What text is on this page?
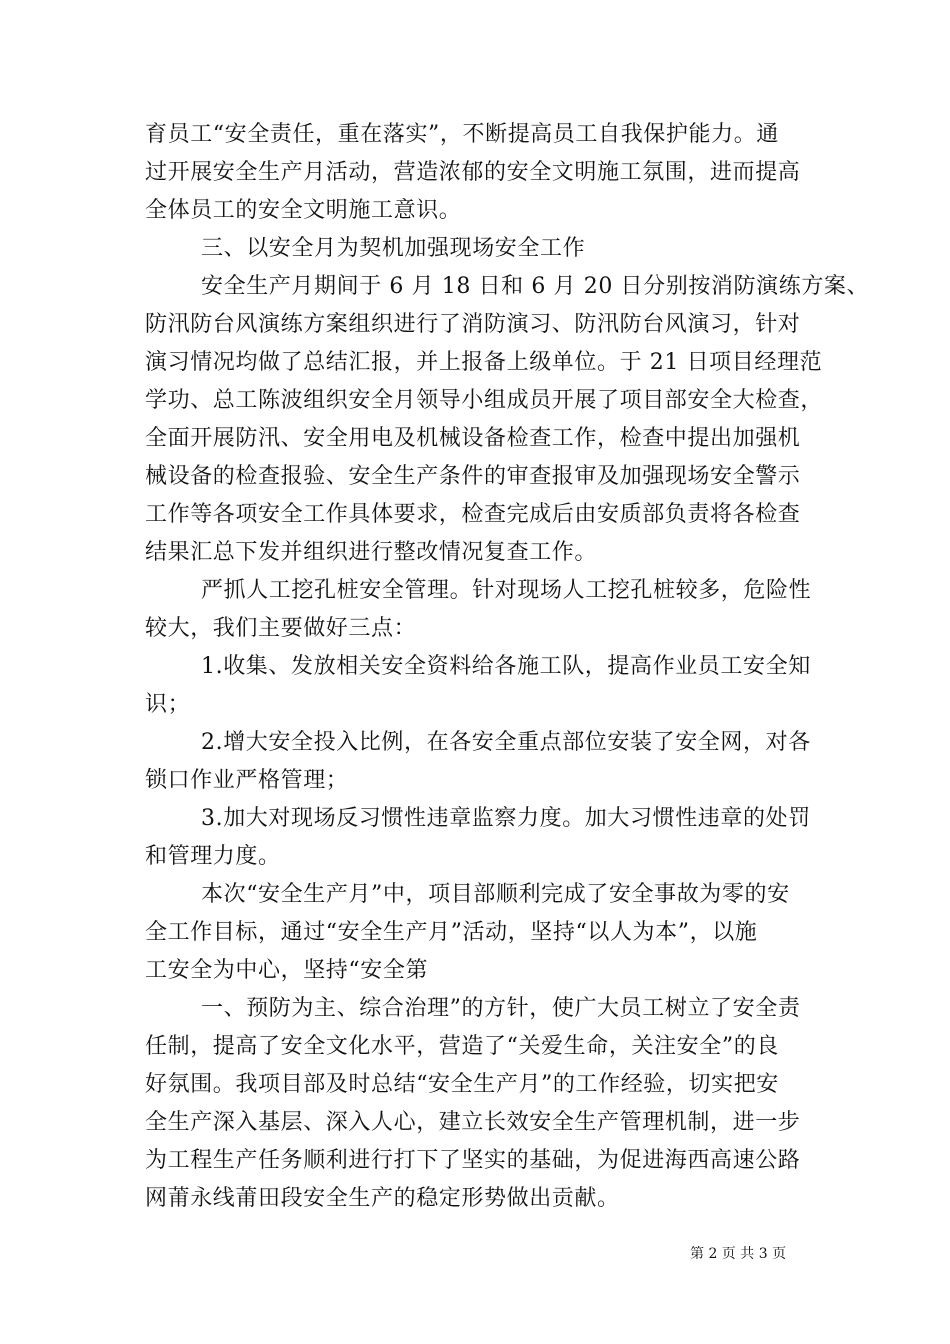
育员工“安全责任，重在落实”，不断提高员工自我保护能力。通
过开展安全生产月活动，营造浓郁的安全文明施工氛围，进而提高
全体员工的安全文明施工意识。
三、以安全月为契机加强现场安全工作
安全生产月期间于 6 月 18 日和 6 月 20 日分别按消防演练方案、
防汛防台风演练方案组织进行了消防演习、防汛防台风演习，针对
演习情况均做了总结汇报，并上报备上级单位。于 21 日项目经理范
学功、总工陈波组织安全月领导小组成员开展了项目部安全大检查，
全面开展防汛、安全用电及机械设备检查工作，检查中提出加强机
械设备的检查报验、安全生产条件的审查报审及加强现场安全警示
工作等各项安全工作具体要求，检查完成后由安质部负责将各检查
结果汇总下发并组织进行整改情况复查工作。
严抓人工挖孔桩安全管理。针对现场人工挖孔桩较多，危险性
较大，我们主要做好三点：
1.收集、发放相关安全资料给各施工队，提高作业员工安全知
识；
2.增大安全投入比例，在各安全重点部位安装了安全网，对各
锁口作业严格管理；
3.加大对现场反习惯性违章监察力度。加大习惯性违章的处罚
和管理力度。
本次“安全生产月”中，项目部顺利完成了安全事故为零的安
全工作目标，通过“安全生产月”活动，坚持“以人为本”，以施
工安全为中心，坚持“安全第
一、预防为主、综合治理”的方针，使广大员工树立了安全责
任制，提高了安全文化水平，营造了“关爱生命，关注安全”的良
好氛围。我项目部及时总结“安全生产月”的工作经验，切实把安
全生产深入基层、深入人心，建立长效安全生产管理机制，进一步
为工程生产任务顺利进行打下了坚实的基础，为促进海西高速公路
网莆永线莆田段安全生产的稳定形势做出贡献。
第 2 页 共 3 页
